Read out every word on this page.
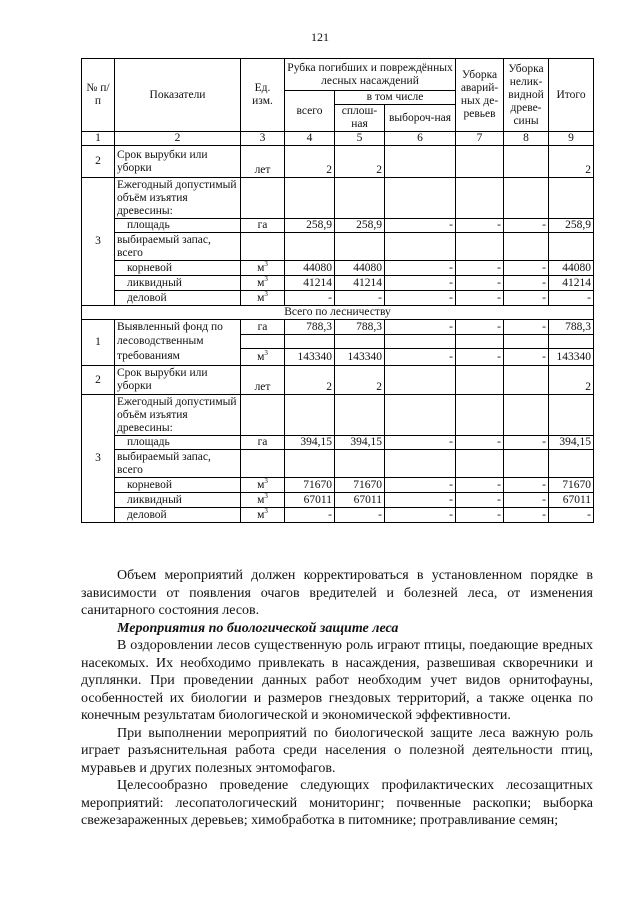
121
№ п/п	Показатели	Ед. изм.	Рубка погибших и повреждённых лесных насаждений			Уборка аварий-ных де-ревьев	Уборка нелик-видной древе-сины	Итого
			всего	в том числе				
				сплош-ная	выбороч-ная			
1	2	3	4	5	6	7	8	9
2	Срок вырубки или уборки	лет	2	2				2
3	Ежегодный допустимый объём изъятия древесины:							
	площадь	га	258,9	258,9	-	-	-	258,9
	выбираемый запас, всего							
	корневой	$м^3$	44080	44080	-	-	-	44080
	ликвидный	$м^3$	41214	41214	-	-	-	41214
	деловой	$м^3$	-	-	-	-	-	-
Всего по лесничеству								
1	Выявленный фонд по	га	788,3	788,3	-	-	-	788,3
	лесоводственным							
	требованиям	$м^3$	143340	143340	-	-	-	143340
2	Срок вырубки или уборки	лет	2	2				2
3	Ежегодный допустимый объём изъятия древесины:							
	площадь	га	394,15	394,15	-	-	-	394,15
	выбираемый запас, всего							
	корневой	$м^3$	71670	71670	-	-	-	71670
	ликвидный	$м^3$	67011	67011	-	-	-	67011
	деловой	$м^3$	-	-	-	-	-	-

Объем мероприятий должен корректироваться в установленном порядке в зависимости от появления очагов вредителей и болезней леса, от изменения санитарного состояния лесов.

Мероприятия по биологической защите леса

В оздоровлении лесов существенную роль играют птицы, поедающие вредных насекомых. Их необходимо привлекать в насаждения, развешивая скворечники и дуплянки. При проведении данных работ необходим учет видов орнитофауны, особенностей их биологии и размеров гнездовых территорий, а также оценка по конечным результатам биологической и экономической эффективности.

При выполнении мероприятий по биологической защите леса важную роль играет разъяснительная работа среди населения о полезной деятельности птиц, муравьев и других полезных энтомофагов.

Целесообразно проведение следующих профилактических лесозащитных мероприятий: лесопатологический мониторинг; почвенные раскопки; выборка свежезараженных деревьев; химобработка в питомнике; протравливание семян;
